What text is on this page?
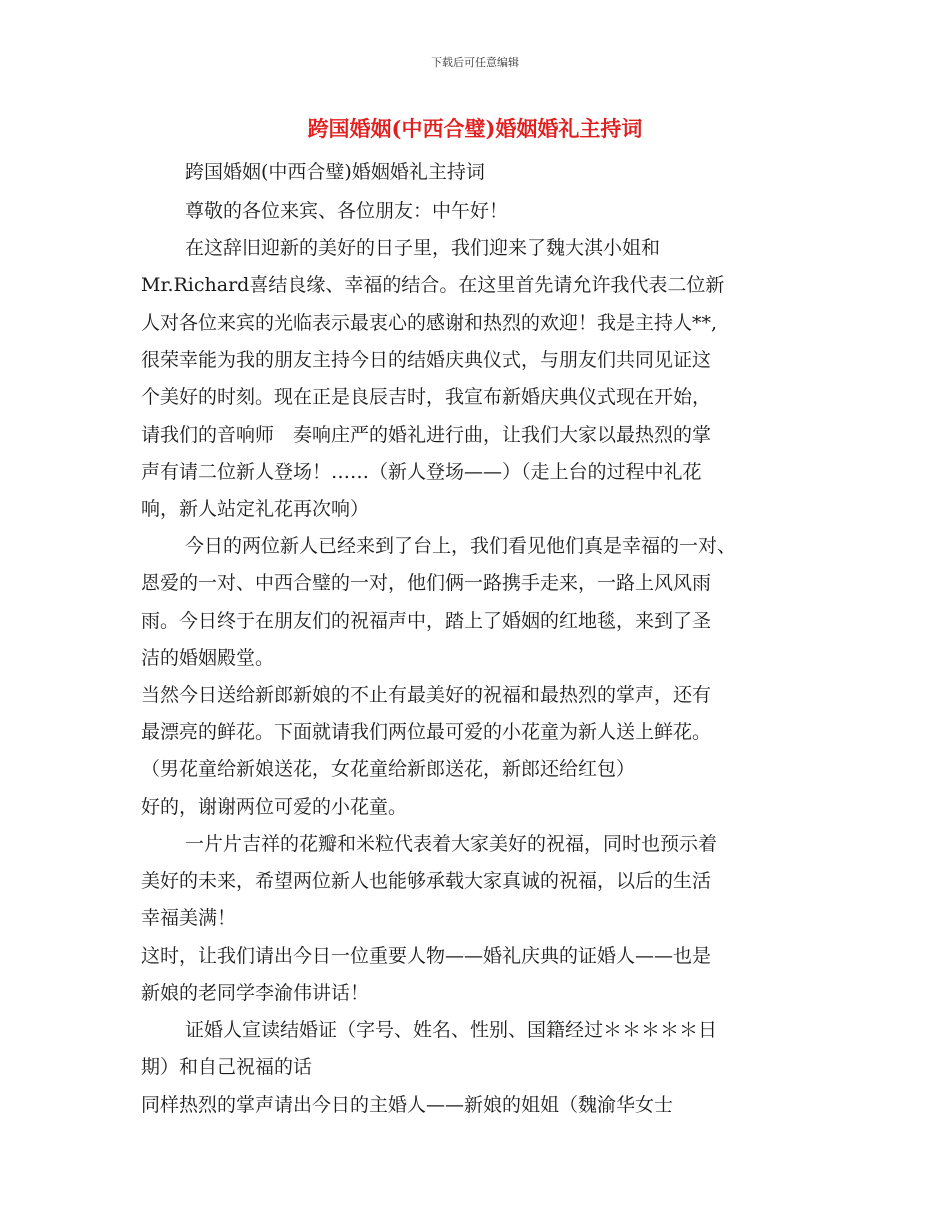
下载后可任意编辑
跨国婚姻(中西合璧)婚姻婚礼主持词
跨国婚姻(中西合璧)婚姻婚礼主持词
尊敬的各位来宾、各位朋友：中午好！
在这辞旧迎新的美好的日子里，我们迎来了魏大淇小姐和
Mr.Richard喜结良缘、幸福的结合。在这里首先请允许我代表二位新
人对各位来宾的光临表示最衷心的感谢和热烈的欢迎！我是主持人**,
很荣幸能为我的朋友主持今日的结婚庆典仪式，与朋友们共同见证这
个美好的时刻。现在正是良辰吉时，我宣布新婚庆典仪式现在开始，
请我们的音响师　奏响庄严的婚礼进行曲，让我们大家以最热烈的掌
声有请二位新人登场！……（新人登场——）（走上台的过程中礼花
响，新人站定礼花再次响）
今日的两位新人已经来到了台上，我们看见他们真是幸福的一对、
恩爱的一对、中西合璧的一对，他们俩一路携手走来，一路上风风雨
雨。今日终于在朋友们的祝福声中，踏上了婚姻的红地毯，来到了圣
洁的婚姻殿堂。
当然今日送给新郎新娘的不止有最美好的祝福和最热烈的掌声，还有
最漂亮的鲜花。下面就请我们两位最可爱的小花童为新人送上鲜花。
（男花童给新娘送花，女花童给新郎送花，新郎还给红包）
好的，谢谢两位可爱的小花童。
一片片吉祥的花瓣和米粒代表着大家美好的祝福，同时也预示着
美好的未来，希望两位新人也能够承载大家真诚的祝福，以后的生活
幸福美满！
这时，让我们请出今日一位重要人物——婚礼庆典的证婚人——也是
新娘的老同学李渝伟讲话！
证婚人宣读结婚证（字号、姓名、性别、国籍经过＊＊＊＊＊日
期）和自己祝福的话
同样热烈的掌声请出今日的主婚人——新娘的姐姐（魏渝华女士
